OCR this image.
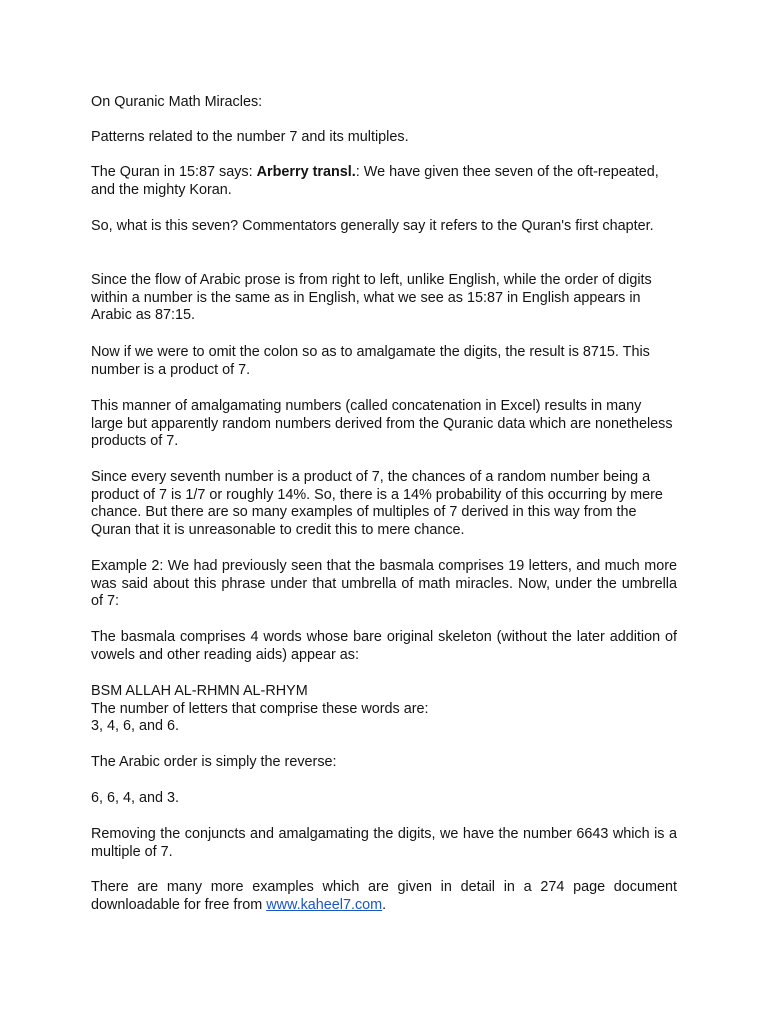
On Quranic Math Miracles:
Patterns related to the number 7 and its multiples.
The Quran in 15:87 says: Arberry transl.: We have given thee seven of the oft-repeated, and the mighty Koran.
So, what is this seven? Commentators generally say it refers to the Quran's first chapter.
Since the flow of Arabic prose is from right to left, unlike English, while the order of digits within a number is the same as in English, what we see as 15:87 in English appears in Arabic as 87:15.
Now if we were to omit the colon so as to amalgamate the digits, the result is 8715. This number is a product of 7.
This manner of amalgamating numbers (called concatenation in Excel) results in many large but apparently random numbers derived from the Quranic data which are nonetheless products of 7.
Since every seventh number is a product of 7, the chances of a random number being a product of 7 is 1/7 or roughly 14%. So, there is a 14% probability of this occurring by mere chance. But there are so many examples of multiples of 7 derived in this way from the Quran that it is unreasonable to credit this to mere chance.
Example 2: We had previously seen that the basmala comprises 19 letters, and much more was said about this phrase under that umbrella of math miracles. Now, under the umbrella of 7:
The basmala comprises 4 words whose bare original skeleton (without the later addition of vowels and other reading aids) appear as:
BSM ALLAH AL-RHMN AL-RHYM
The number of letters that comprise these words are:
3, 4, 6, and 6.
The Arabic order is simply the reverse:
6, 6, 4, and 3.
Removing the conjuncts and amalgamating the digits, we have the number 6643 which is a multiple of 7.
There are many more examples which are given in detail in a 274 page document downloadable for free from www.kaheel7.com.
